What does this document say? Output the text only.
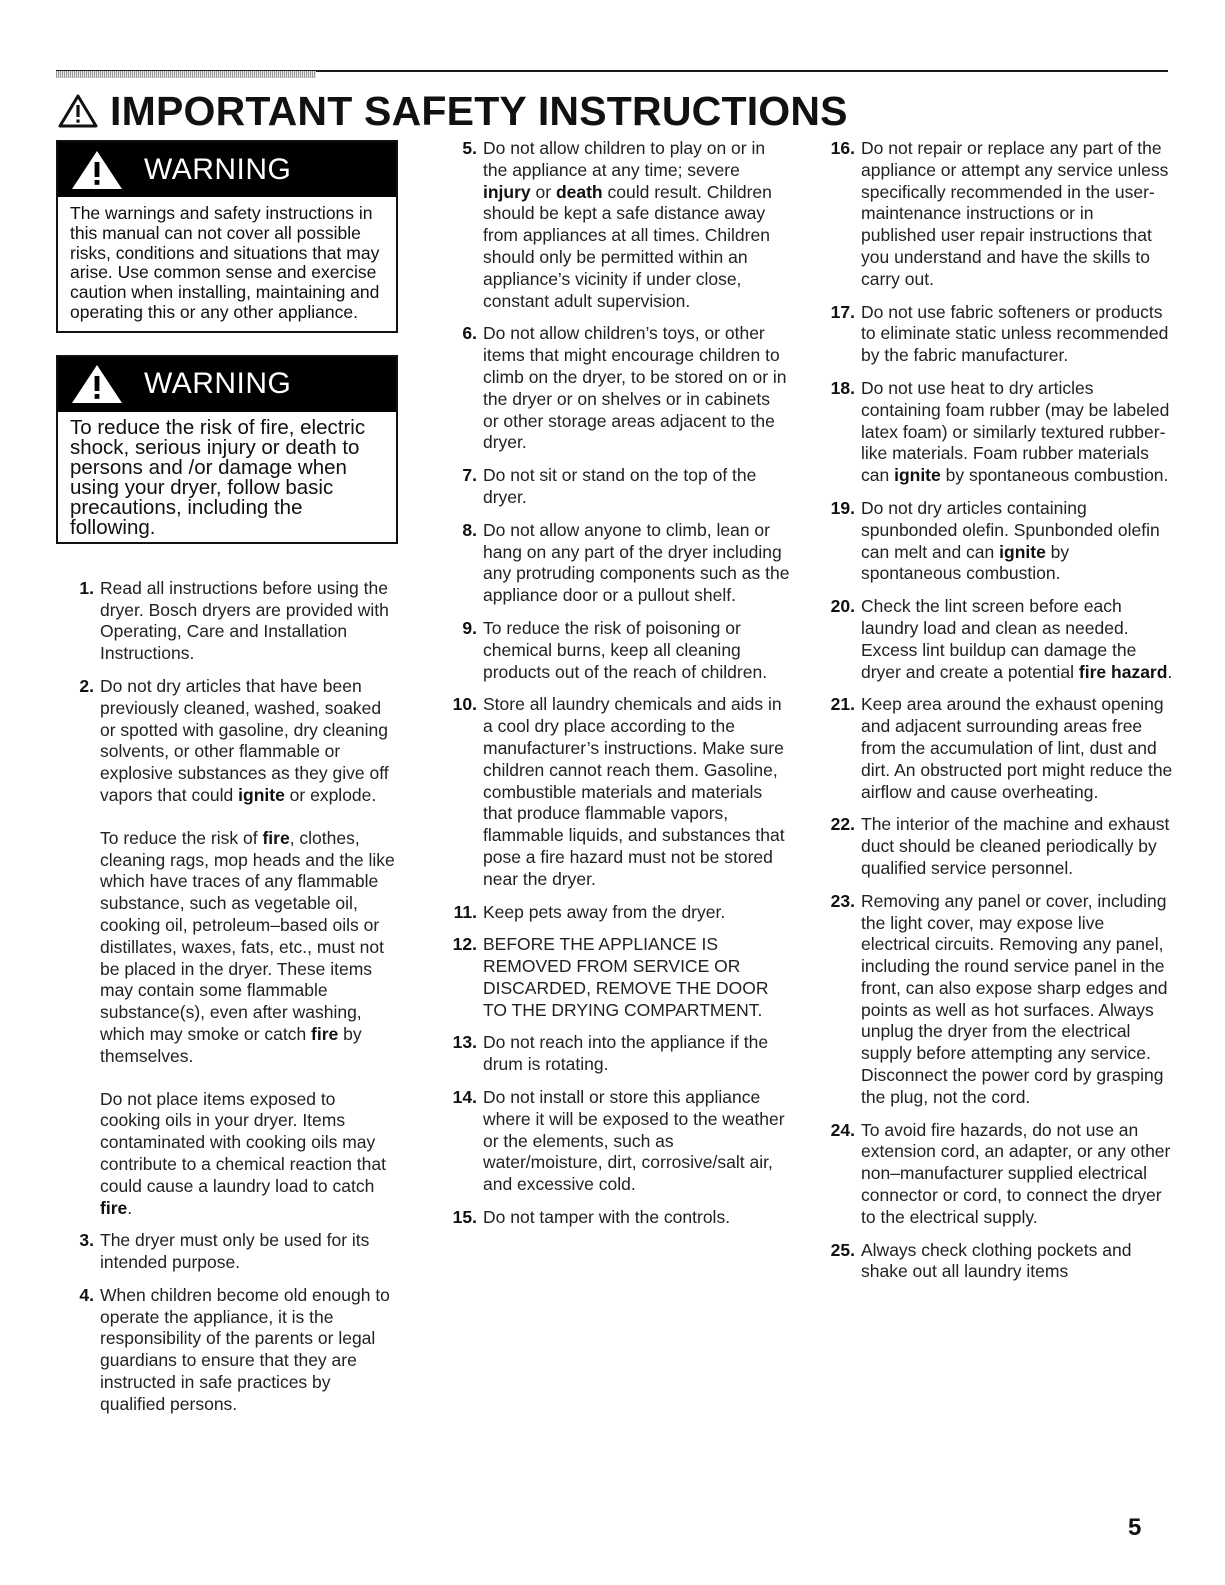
IMPORTANT SAFETY INSTRUCTIONS
WARNING
The warnings and safety instructions in this manual can not cover all possible risks, conditions and situations that may arise. Use common sense and exercise caution when installing, maintaining and operating this or any other appliance.
WARNING
To reduce the risk of fire, electric shock, serious injury or death to persons and /or damage when using your dryer, follow basic precautions, including the following.
1. Read all instructions before using the dryer. Bosch dryers are provided with Operating, Care and Installation Instructions.

2. Do not dry articles that have been previously cleaned, washed, soaked or spotted with gasoline, dry cleaning solvents, or other flammable or explosive substances as they give off vapors that could ignite or explode.

To reduce the risk of fire, clothes, cleaning rags, mop heads and the like which have traces of any flammable substance, such as vegetable oil, cooking oil, petroleum–based oils or distillates, waxes, fats, etc., must not be placed in the dryer. These items may contain some flammable substance(s), even after washing, which may smoke or catch fire by themselves.

Do not place items exposed to cooking oils in your dryer. Items contaminated with cooking oils may contribute to a chemical reaction that could cause a laundry load to catch fire.

3. The dryer must only be used for its intended purpose.

4. When children become old enough to operate the appliance, it is the responsibility of the parents or legal guardians to ensure that they are instructed in safe practices by qualified persons.

5. Do not allow children to play on or in the appliance at any time; severe injury or death could result. Children should be kept a safe distance away from appliances at all times. Children should only be permitted within an appliance’s vicinity if under close, constant adult supervision.

6. Do not allow children’s toys, or other items that might encourage children to climb on the dryer, to be stored on or in the dryer or on shelves or in cabinets or other storage areas adjacent to the dryer.

7. Do not sit or stand on the top of the dryer.

8. Do not allow anyone to climb, lean or hang on any part of the dryer including any protruding components such as the appliance door or a pullout shelf.

9. To reduce the risk of poisoning or chemical burns, keep all cleaning products out of the reach of children.

10. Store all laundry chemicals and aids in a cool dry place according to the manufacturer’s instructions. Make sure children cannot reach them. Gasoline, combustible materials and materials that produce flammable vapors, flammable liquids, and substances that pose a fire hazard must not be stored near the dryer.

11. Keep pets away from the dryer.

12. BEFORE THE APPLIANCE IS REMOVED FROM SERVICE OR DISCARDED, REMOVE THE DOOR TO THE DRYING COMPARTMENT.

13. Do not reach into the appliance if the drum is rotating.

14. Do not install or store this appliance where it will be exposed to the weather or the elements, such as water/moisture, dirt, corrosive/salt air, and excessive cold.

15. Do not tamper with the controls.

16. Do not repair or replace any part of the appliance or attempt any service unless specifically recommended in the user-maintenance instructions or in published user repair instructions that you understand and have the skills to carry out.

17. Do not use fabric softeners or products to eliminate static unless recommended by the fabric manufacturer.

18. Do not use heat to dry articles containing foam rubber (may be labeled latex foam) or similarly textured rubber-like materials. Foam rubber materials can ignite by spontaneous combustion.

19. Do not dry articles containing spunbonded olefin. Spunbonded olefin can melt and can ignite by spontaneous combustion.

20. Check the lint screen before each laundry load and clean as needed. Excess lint buildup can damage the dryer and create a potential fire hazard.

21. Keep area around the exhaust opening and adjacent surrounding areas free from the accumulation of lint, dust and dirt. An obstructed port might reduce the airflow and cause overheating.

22. The interior of the machine and exhaust duct should be cleaned periodically by qualified service personnel.

23. Removing any panel or cover, including the light cover, may expose live electrical circuits. Removing any panel, including the round service panel in the front, can also expose sharp edges and points as well as hot surfaces. Always unplug the dryer from the electrical supply before attempting any service. Disconnect the power cord by grasping the plug, not the cord.

24. To avoid fire hazards, do not use an extension cord, an adapter, or any other non–manufacturer supplied electrical connector or cord, to connect the dryer to the electrical supply.

25. Always check clothing pockets and shake out all laundry items

5
